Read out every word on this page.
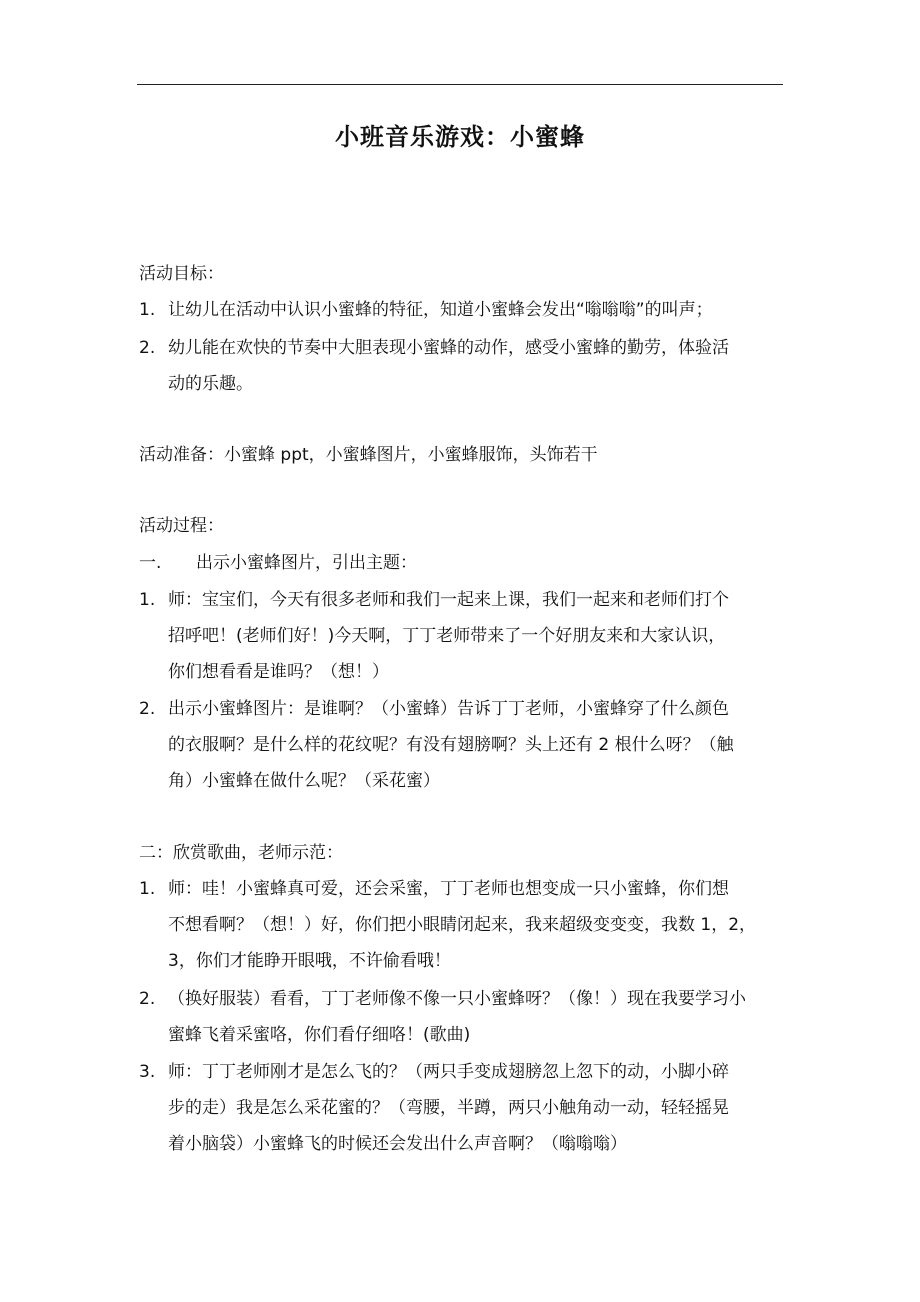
小班音乐游戏：小蜜蜂
活动目标：
1. 让幼儿在活动中认识小蜜蜂的特征，知道小蜜蜂会发出“嗡嗡嗡”的叫声；
2. 幼儿能在欢快的节奏中大胆表现小蜜蜂的动作，感受小蜜蜂的勤劳，体验活
动的乐趣。
活动准备：小蜜蜂 ppt，小蜜蜂图片，小蜜蜂服饰，头饰若干
活动过程：
一. 出示小蜜蜂图片，引出主题：
1. 师：宝宝们，今天有很多老师和我们一起来上课，我们一起来和老师们打个
招呼吧！(老师们好！)今天啊，丁丁老师带来了一个好朋友来和大家认识，
你们想看看是谁吗？（想！）
2. 出示小蜜蜂图片：是谁啊？（小蜜蜂）告诉丁丁老师，小蜜蜂穿了什么颜色
的衣服啊？是什么样的花纹呢？有没有翅膀啊？头上还有 2 根什么呀？（触
角）小蜜蜂在做什么呢？（采花蜜）
二：欣赏歌曲，老师示范：
1. 师：哇！小蜜蜂真可爱，还会采蜜，丁丁老师也想变成一只小蜜蜂，你们想
不想看啊？（想！）好，你们把小眼睛闭起来，我来超级变变变，我数 1，2，
3，你们才能睁开眼哦，不许偷看哦！
2. （换好服装）看看，丁丁老师像不像一只小蜜蜂呀？（像！）现在我要学习小
蜜蜂飞着采蜜咯，你们看仔细咯！(歌曲)
3. 师：丁丁老师刚才是怎么飞的？（两只手变成翅膀忽上忽下的动，小脚小碎
步的走）我是怎么采花蜜的？（弯腰，半蹲，两只小触角动一动，轻轻摇晃
着小脑袋）小蜜蜂飞的时候还会发出什么声音啊？（嗡嗡嗡）
